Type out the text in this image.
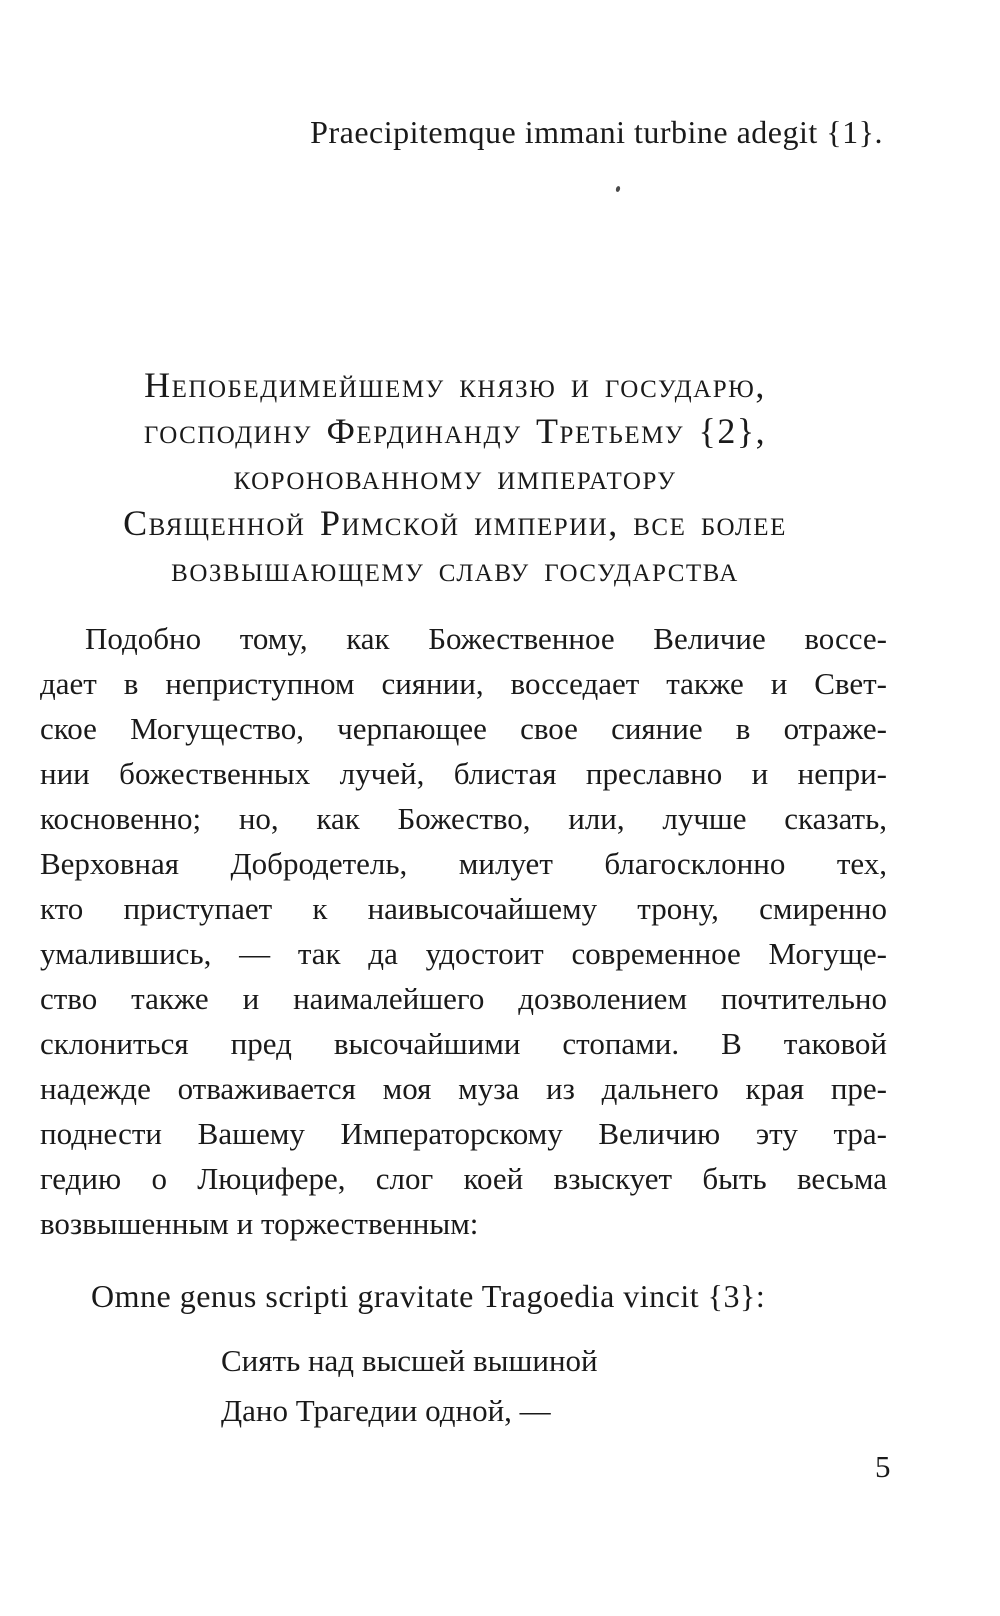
Praecipitemque immani turbine adegit {1}.
Непобедимейшему князю и государю,
господину Фердинанду Третьему {2},
коронованному императору
Священной Римской империи, все более
возвышающему славу государства
Подобно тому, как Божественное Величие воссе-
дает в неприступном сиянии, восседает также и Свет-
ское Могущество, черпающее свое сияние в отраже-
нии божественных лучей, блистая преславно и непри-
косновенно; но, как Божество, или, лучше сказать,
Верховная Добродетель, милует благосклонно тех,
кто приступает к наивысочайшему трону, смиренно
умалившись, — так да удостоит современное Могуще-
ство также и наималейшего дозволением почтительно
склониться пред высочайшими стопами. В таковой
надежде отваживается моя муза из дальнего края пре-
поднести Вашему Императорскому Величию эту тра-
гедию о Люцифере, слог коей взыскует быть весьма
возвышенным и торжественным:
Omne genus scripti gravitate Tragoedia vincit {3}:
Сиять над высшей вышиной
Дано Трагедии одной, —
5
